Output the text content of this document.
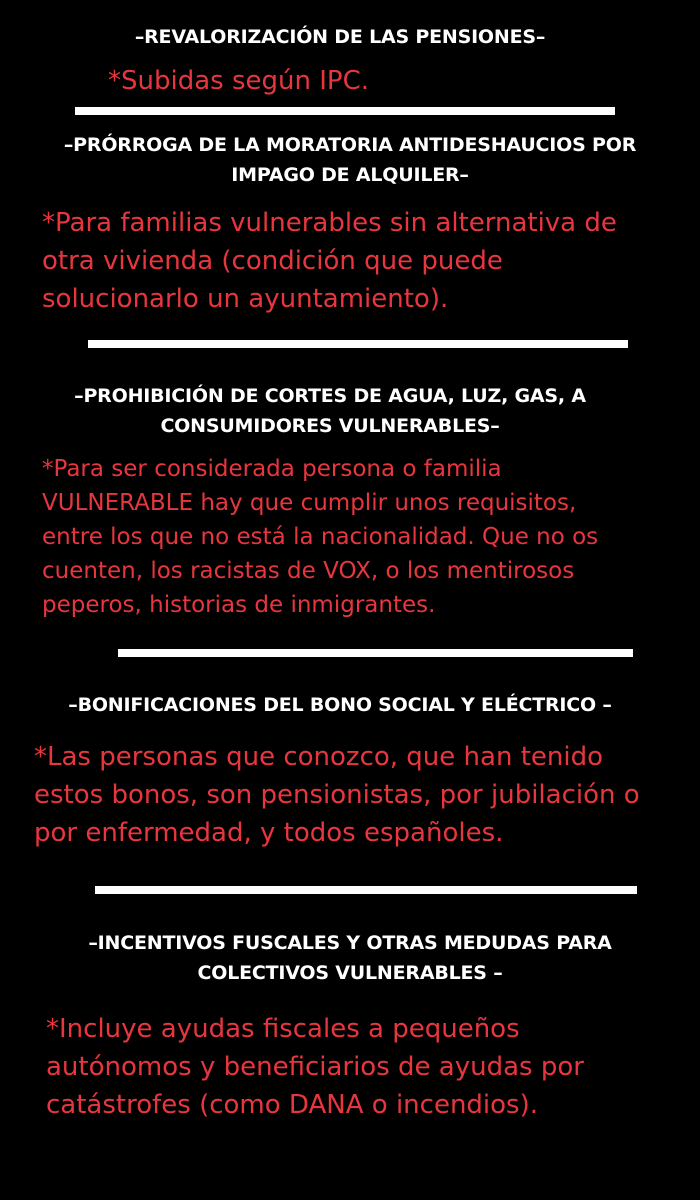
–REVALORIZACIÓN DE LAS PENSIONES–
*Subidas según IPC.
–PRÓRROGA DE LA MORATORIA ANTIDESHAUCIOS POR
IMPAGO DE ALQUILER–
*Para familias vulnerables sin alternativa de
otra vivienda (condición que puede
solucionarlo un ayuntamiento).
–PROHIBICIÓN DE CORTES DE AGUA, LUZ, GAS, A
CONSUMIDORES VULNERABLES–
*Para ser considerada persona o familia
VULNERABLE hay que cumplir unos requisitos,
entre los que no está la nacionalidad. Que no os
cuenten, los racistas de VOX, o los mentirosos
peperos, historias de inmigrantes.
–BONIFICACIONES DEL BONO SOCIAL Y ELÉCTRICO –
*Las personas que conozco, que han tenido
estos bonos, son pensionistas, por jubilación o
por enfermedad, y todos españoles.
–INCENTIVOS FUSCALES Y OTRAS MEDUDAS PARA
COLECTIVOS VULNERABLES –
*Incluye ayudas fiscales a pequeños
autónomos y beneficiarios de ayudas por
catástrofes (como DANA o incendios).
